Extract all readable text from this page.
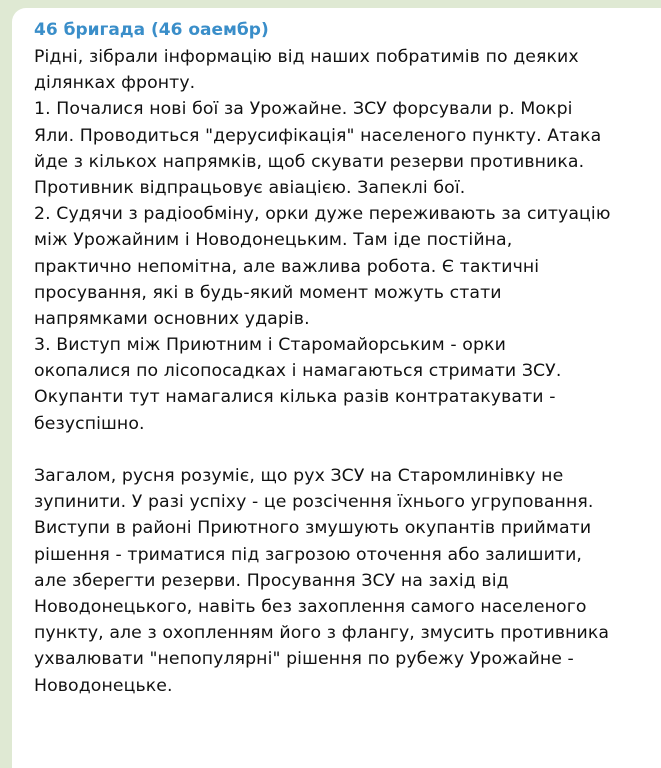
46 бригада (46 оаембр)
Рідні, зібрали інформацію від наших побратимів по деяких
ділянках фронту.
1. Почалися нові бої за Урожайне. ЗСУ форсували р. Мокрі
Яли. Проводиться "дерусифікація" населеного пункту. Атака
йде з кількох напрямків, щоб скувати резерви противника.
Противник відпрацьовує авіацією. Запеклі бої.
2. Судячи з радіообміну, орки дуже переживають за ситуацію
між Урожайним і Новодонецьким. Там іде постійна,
практично непомітна, але важлива робота. Є тактичні
просування, які в будь-який момент можуть стати
напрямками основних ударів.
3. Виступ між Приютним і Старомайорським - орки
окопалися по лісопосадках і намагаються стримати ЗСУ.
Окупанти тут намагалися кілька разів контратакувати -
безуспішно.
Загалом, русня розуміє, що рух ЗСУ на Старомлинівку не
зупинити. У разі успіху - це розсічення їхнього угруповання.
Виступи в районі Приютного змушують окупантів приймати
рішення - триматися під загрозою оточення або залишити,
але зберегти резерви. Просування ЗСУ на захід від
Новодонецького, навіть без захоплення самого населеного
пункту, але з охопленням його з флангу, змусить противника
ухвалювати "непопулярні" рішення по рубежу Урожайне -
Новодонецьке.
